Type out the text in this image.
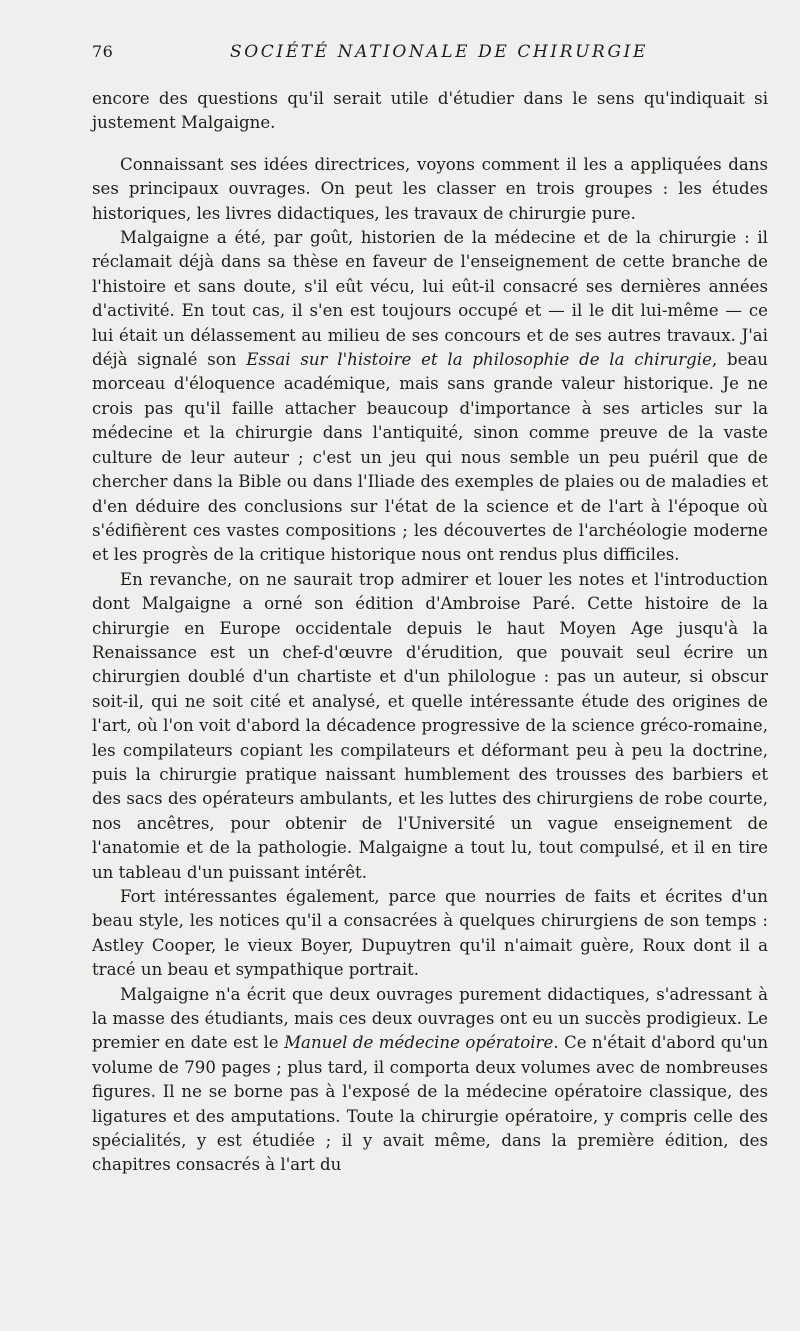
76	SOCIÉTÉ NATIONALE DE CHIRURGIE

encore des questions qu'il serait utile d'étudier dans le sens qu'indiquait si justement Malgaigne.

Connaissant ses idées directrices, voyons comment il les a appliquées dans ses principaux ouvrages. On peut les classer en trois groupes : les études historiques, les livres didactiques, les travaux de chirurgie pure.

Malgaigne a été, par goût, historien de la médecine et de la chirurgie : il réclamait déjà dans sa thèse en faveur de l'enseignement de cette branche de l'histoire et sans doute, s'il eût vécu, lui eût-il consacré ses dernières années d'activité. En tout cas, il s'en est toujours occupé et — il le dit lui-même — ce lui était un délassement au milieu de ses concours et de ses autres travaux. J'ai déjà signalé son Essai sur l'histoire et la philosophie de la chirurgie, beau morceau d'éloquence académique, mais sans grande valeur historique. Je ne crois pas qu'il faille attacher beaucoup d'importance à ses articles sur la médecine et la chirurgie dans l'antiquité, sinon comme preuve de la vaste culture de leur auteur ; c'est un jeu qui nous semble un peu puéril que de chercher dans la Bible ou dans l'Iliade des exemples de plaies ou de maladies et d'en déduire des conclusions sur l'état de la science et de l'art à l'époque où s'édifièrent ces vastes compositions ; les découvertes de l'archéologie moderne et les progrès de la critique historique nous ont rendus plus difficiles.

En revanche, on ne saurait trop admirer et louer les notes et l'introduction dont Malgaigne a orné son édition d'Ambroise Paré. Cette histoire de la chirurgie en Europe occidentale depuis le haut Moyen Age jusqu'à la Renaissance est un chef-d'œuvre d'érudition, que pouvait seul écrire un chirurgien doublé d'un chartiste et d'un philologue : pas un auteur, si obscur soit-il, qui ne soit cité et analysé, et quelle intéressante étude des origines de l'art, où l'on voit d'abord la décadence progressive de la science gréco-romaine, les compilateurs copiant les compilateurs et déformant peu à peu la doctrine, puis la chirurgie pratique naissant humblement des trousses des barbiers et des sacs des opérateurs ambulants, et les luttes des chirurgiens de robe courte, nos ancêtres, pour obtenir de l'Université un vague enseignement de l'anatomie et de la pathologie. Malgaigne a tout lu, tout compulsé, et il en tire un tableau d'un puissant intérêt.

Fort intéressantes également, parce que nourries de faits et écrites d'un beau style, les notices qu'il a consacrées à quelques chirurgiens de son temps : Astley Cooper, le vieux Boyer, Dupuytren qu'il n'aimait guère, Roux dont il a tracé un beau et sympathique portrait.

Malgaigne n'a écrit que deux ouvrages purement didactiques, s'adressant à la masse des étudiants, mais ces deux ouvrages ont eu un succès prodigieux. Le premier en date est le Manuel de médecine opératoire. Ce n'était d'abord qu'un volume de 790 pages ; plus tard, il comporta deux volumes avec de nombreuses figures. Il ne se borne pas à l'exposé de la médecine opératoire classique, des ligatures et des amputations. Toute la chirurgie opératoire, y compris celle des spécialités, y est étudiée ; il y avait même, dans la première édition, des chapitres consacrés à l'art du
